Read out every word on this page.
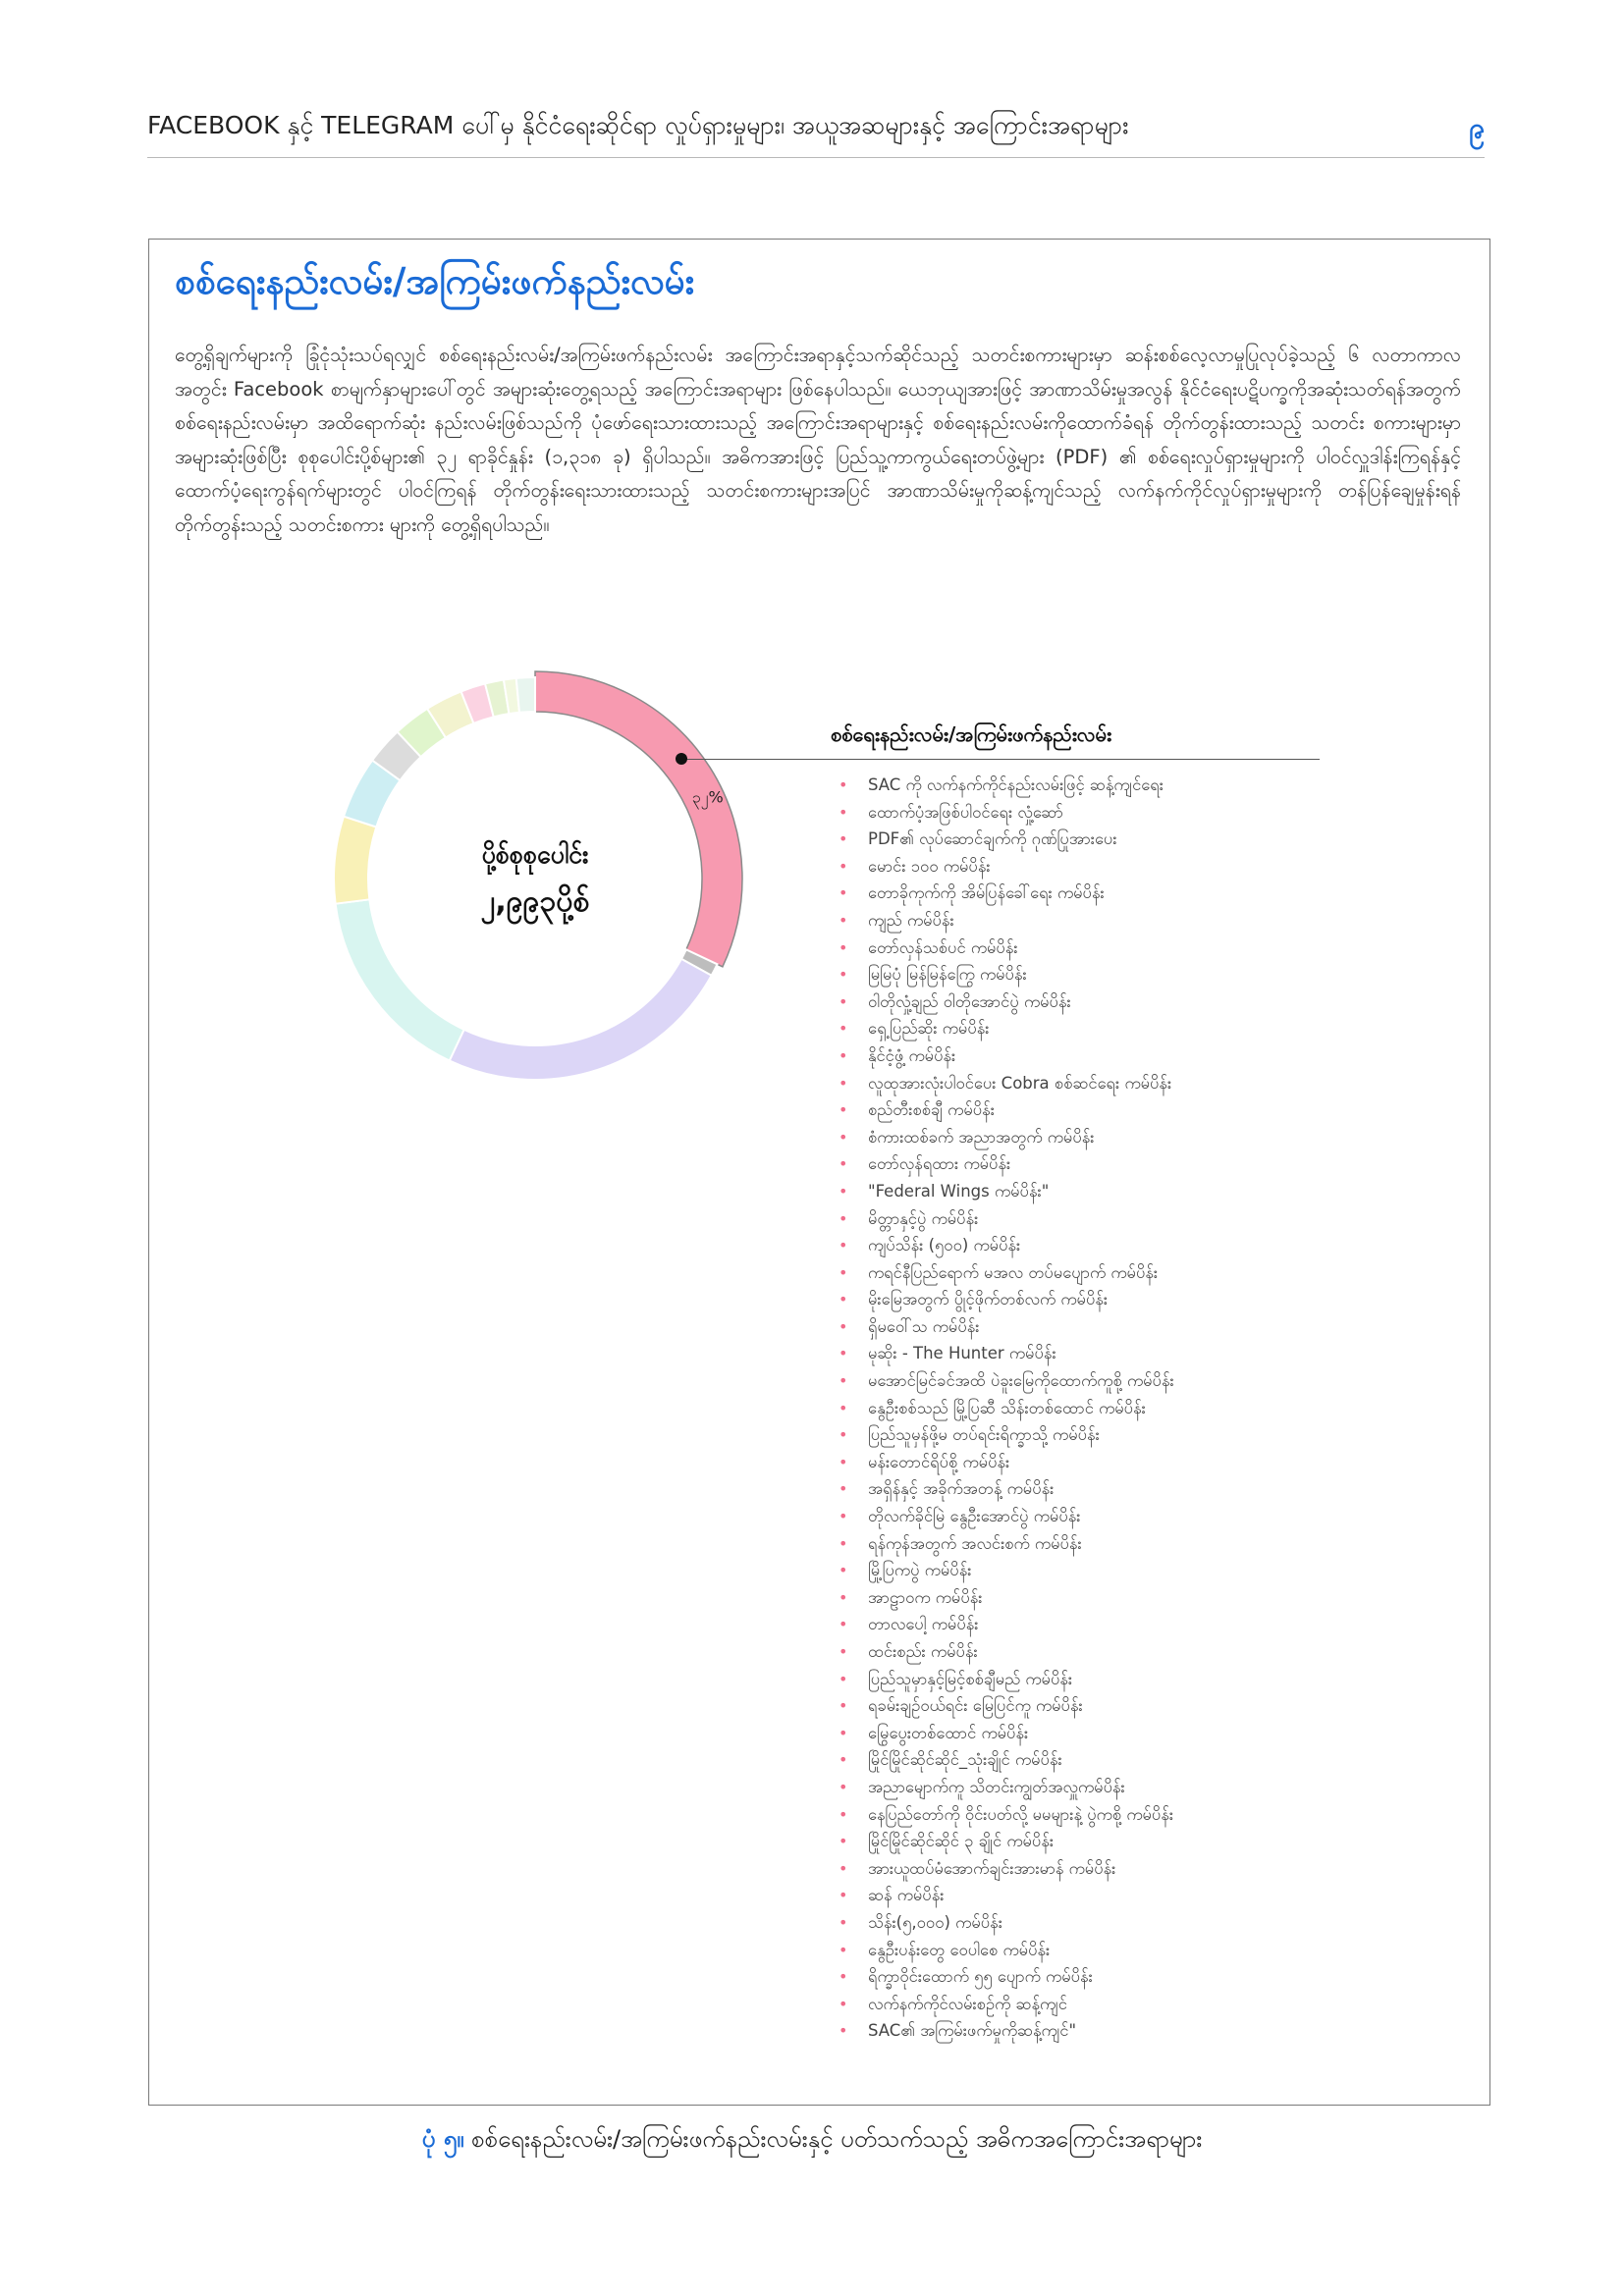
FACEBOOK နှင့် TELEGRAM ပေါ်မှ နိုင်ငံရေးဆိုင်ရာ လှုပ်ရှားမှုများ၊ အယူအဆများနှင့် အကြောင်းအရာများ	၉
စစ်ရေးနည်းလမ်း/အကြမ်းဖက်နည်းလမ်း
တွေ့ရှိချက်များကို ခြုံငုံသုံးသပ်ရလျှင် စစ်ရေးနည်းလမ်း/အကြမ်းဖက်နည်းလမ်း အကြောင်းအရာနှင့်သက်ဆိုင်သည့် သတင်းစကားများမှာ ဆန်းစစ်လေ့လာမှုပြုလုပ်ခဲ့သည့် ၆ လတာကာလအတွင်း Facebook စာမျက်နှာများပေါ်တွင် အများဆုံးတွေ့ရသည့် အကြောင်းအရာများ ဖြစ်နေပါသည်။ ယေဘုယျအားဖြင့် အာဏာသိမ်းမှုအလွန် နိုင်ငံရေးပဋိပက္ခကိုအဆုံးသတ်ရန်အတွက် စစ်ရေးနည်းလမ်းမှာ အထိရောက်ဆုံး နည်းလမ်းဖြစ်သည်ကို ပုံဖော်ရေးသားထားသည့် အကြောင်းအရာများနှင့် စစ်ရေးနည်းလမ်းကိုထောက်ခံရန် တိုက်တွန်းထားသည့် သတင်း စကားများမှာ အများဆုံးဖြစ်ပြီး စုစုပေါင်းပို့စ်များ၏ ၃၂ ရာခိုင်နှုန်း (၁,၃၁၈ ခု) ရှိပါသည်။ အဓိကအားဖြင့် ပြည်သူ့ကာကွယ်ရေးတပ်ဖွဲ့များ (PDF) ၏ စစ်ရေးလှုပ်ရှားမှုများကို ပါဝင်လှူဒါန်းကြရန်နှင့် ထောက်ပံ့ရေးကွန်ရက်များတွင် ပါဝင်ကြရန် တိုက်တွန်းရေးသားထားသည့် သတင်းစကားများအပြင် အာဏာသိမ်းမှုကိုဆန့်ကျင်သည့် လက်နက်ကိုင်လှုပ်ရှားမှုများကို တန်ပြန်ချေမှုန်းရန် တိုက်တွန်းသည့် သတင်းစကား များကို တွေ့ရှိရပါသည်။
၃၂%
ပို့စ်စုစုပေါင်း
၂,၉၉၃ပို့စ်
စစ်ရေးနည်းလမ်း/အကြမ်းဖက်နည်းလမ်း
• SAC ကို လက်နက်ကိုင်နည်းလမ်းဖြင့် ဆန့်ကျင်ရေး
• ထောက်ပံ့အဖြစ်ပါဝင်ရေး လှုံ့ဆော်
• PDF၏ လုပ်ဆောင်ချက်ကို ဂုဏ်ပြုအားပေး
• မောင်း ၁၀၀ ကမ်ပိန်း
• တောခိုကုက်ကို အိမ်ပြန်ခေါ်ရေး ကမ်ပိန်း
• ကျည် ကမ်ပိန်း
• တော်လှန်သစ်ပင် ကမ်ပိန်း
• မြမြပုံ မြန်မြန်ကြွေ ကမ်ပိန်း
• ဝါတိုလှုံ့ချည် ဝါတိုအောင်ပွဲ ကမ်ပိန်း
• ရှေ့ပြည်ဆိုး ကမ်ပိန်း
• နိုင်ငံ့ဖွံ့ ကမ်ပိန်း
• လူထုအားလုံးပါဝင်ပေး Cobra စစ်ဆင်ရေး ကမ်ပိန်း
• စည်တီးစစ်ချီ ကမ်ပိန်း
• စံကားထစ်ခက် အညာအတွက် ကမ်ပိန်း
• တော်လှန်ရထား ကမ်ပိန်း
• "Federal Wings ကမ်ပိန်း"
• မိတ္တာနှင့်ပွဲ ကမ်ပိန်း
• ကျပ်သိန်း (၅၀၀) ကမ်ပိန်း
• ကရင်နီပြည်ရောက် မအလ တပ်မပျောက် ကမ်ပိန်း
• မိုးမြေအတွက် ပွိုင့်ဖိုက်တစ်လက် ကမ်ပိန်း
• ရှိမဝေါ်သ ကမ်ပိန်း
• မုဆိုး - The Hunter ကမ်ပိန်း
• မအောင်မြင်ခင်အထိ ပဲခူးမြေကိုထောက်ကူစို့ ကမ်ပိန်း
• နွေဦးစစ်သည် မြို့ပြဆီ သိန်းတစ်ထောင် ကမ်ပိန်း
• ပြည်သူမှန်ဖို့မ တပ်ရင်းရိက္ခာသို့ ကမ်ပိန်း
• မန်းတောင်ရိပ်စို့ ကမ်ပိန်း
• အရှိန်နှင့် အခိုက်အတန့် ကမ်ပိန်း
• တိုလက်ခိုင်မြဲ နွေဦးအောင်ပွဲ ကမ်ပိန်း
• ရန်ကုန်အတွက် အလင်းစက် ကမ်ပိန်း
• မြို့ပြကပွဲ ကမ်ပိန်း
• အာဠာဝက ကမ်ပိန်း
• တာလပေါ့ ကမ်ပိန်း
• ထင်းစည်း ကမ်ပိန်း
• ပြည်သူမှာနှင့်မြင့်စစ်ချီမည် ကမ်ပိန်း
• ရခမ်းချဉ်ဝယ်ရင်း မြေပြင်ကူ ကမ်ပိန်း
• မြွေပွေးတစ်ထောင် ကမ်ပိန်း
• မြိုင်မြိုင်ဆိုင်ဆိုင်_သုံးချိုင် ကမ်ပိန်း
• အညာမျောက်ကူ သိတင်းကျွတ်အလှူကမ်ပိန်း
• နေပြည်တော်ကို ဝိုင်းပတ်လို့ မမများနဲ့ ပွဲကစို့ ကမ်ပိန်း
• မြိုင်မြိုင်ဆိုင်ဆိုင် ၃ ချိုင် ကမ်ပိန်း
• အားယူထပ်မံအောက်ချင်းအားမာန် ကမ်ပိန်း
• ဆန် ကမ်ပိန်း
• သိန်း(၅,၀၀၀) ကမ်ပိန်း
• နွေဦးပန်းတွေ ဝေပါစေ ကမ်ပိန်း
• ရိက္ခာဝိုင်းထောက် ၅၅ ပျောက် ကမ်ပိန်း
• လက်နက်ကိုင်လမ်းစဉ်ကို ဆန့်ကျင်
• SAC၏ အကြမ်းဖက်မှုကိုဆန့်ကျင်"
ပုံ ၅။ စစ်ရေးနည်းလမ်း/အကြမ်းဖက်နည်းလမ်းနှင့် ပတ်သက်သည့် အဓိကအကြောင်းအရာများ
